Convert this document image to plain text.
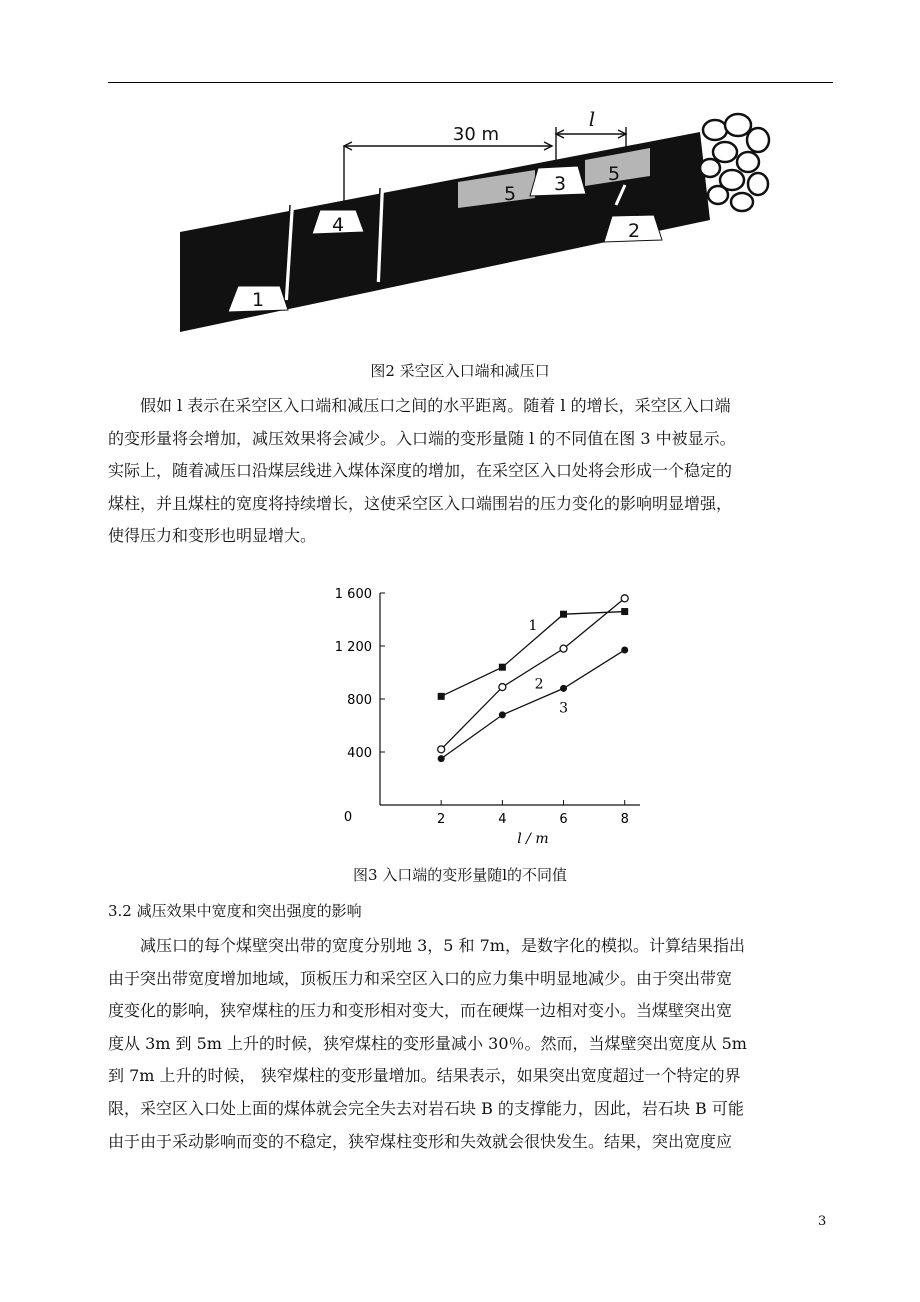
1
2
3
4
5
5
30 m
l
图2 采空区入口端和减压口

假如 l 表示在采空区入口端和减压口之间的水平距离。随着 l 的增长，采空区入口端
的变形量将会增加，减压效果将会减少。入口端的变形量随 l 的不同值在图 3 中被显示。
实际上，随着减压口沿煤层线进入煤体深度的增加，在采空区入口处将会形成一个稳定的
煤柱，并且煤柱的宽度将持续增长，这使采空区入口端围岩的压力变化的影响明显增强，
使得压力和变形也明显增大。

0
400
800
1 200
1 600
2	4	6	8
l / m
1
2
3
图3 入口端的变形量随l的不同值
3.2 减压效果中宽度和突出强度的影响

减压口的每个煤壁突出带的宽度分别地 3，5 和 7m，是数字化的模拟。计算结果指出
由于突出带宽度增加地域，顶板压力和采空区入口的应力集中明显地减少。由于突出带宽
度变化的影响，狭窄煤柱的压力和变形相对变大，而在硬煤一边相对变小。当煤壁突出宽
度从 3m 到 5m 上升的时候，狭窄煤柱的变形量减小 30％。然而，当煤壁突出宽度从 5m
到 7m 上升的时候， 狭窄煤柱的变形量增加。结果表示，如果突出宽度超过一个特定的界
限，采空区入口处上面的煤体就会完全失去对岩石块 B 的支撑能力，因此，岩石块 B 可能
由于由于采动影响而变的不稳定，狭窄煤柱变形和失效就会很快发生。结果，突出宽度应

3
